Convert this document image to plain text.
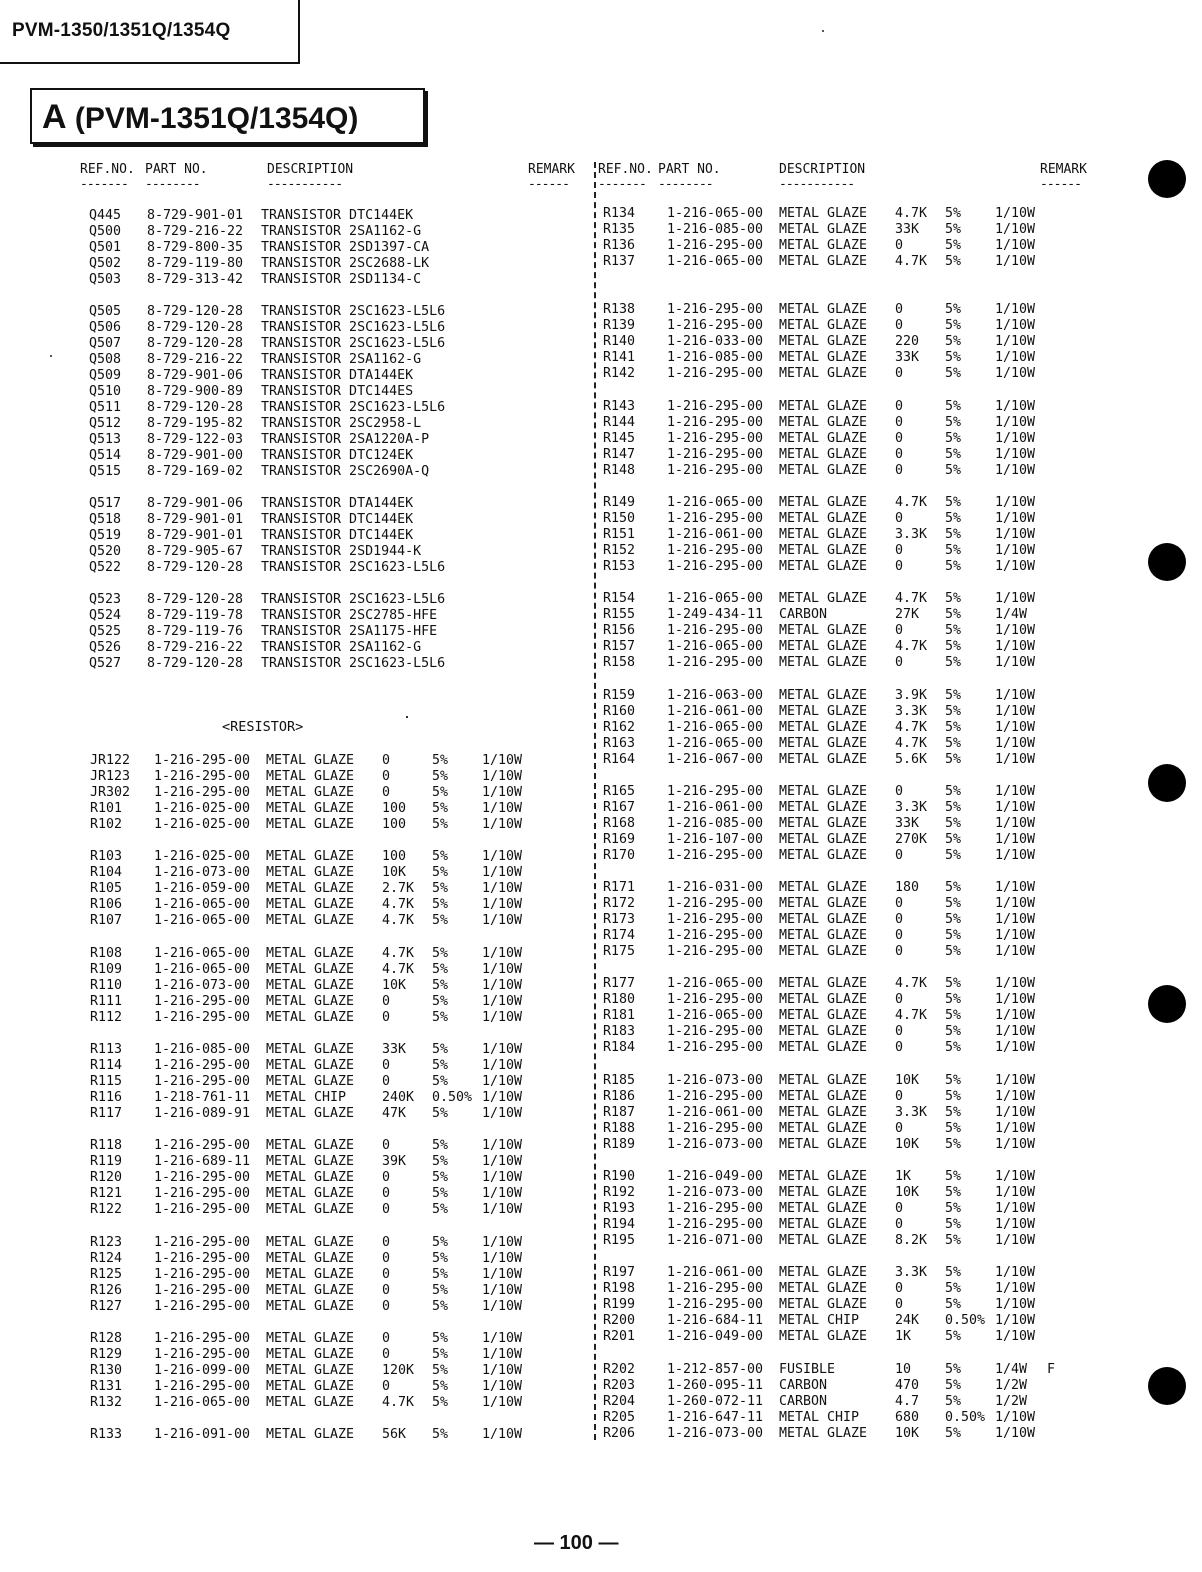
PVM-1350/1351Q/1354Q
A (PVM-1351Q/1354Q)
REF.NO. PART NO.	DESCRIPTION	REMARK
------- --------	-----------	------
REF.NO. PART NO.	DESCRIPTION	REMARK
------- --------	-----------	------
<RESISTOR>
Q445 8-729-901-01 TRANSISTOR DTC144EK
Q500 8-729-216-22 TRANSISTOR 2SA1162-G
Q501 8-729-800-35 TRANSISTOR 2SD1397-CA
Q502 8-729-119-80 TRANSISTOR 2SC2688-LK
Q503 8-729-313-42 TRANSISTOR 2SD1134-C
Q505 8-729-120-28 TRANSISTOR 2SC1623-L5L6
Q506 8-729-120-28 TRANSISTOR 2SC1623-L5L6
Q507 8-729-120-28 TRANSISTOR 2SC1623-L5L6
Q508 8-729-216-22 TRANSISTOR 2SA1162-G
Q509 8-729-901-06 TRANSISTOR DTA144EK
Q510 8-729-900-89 TRANSISTOR DTC144ES
Q511 8-729-120-28 TRANSISTOR 2SC1623-L5L6
Q512 8-729-195-82 TRANSISTOR 2SC2958-L
Q513 8-729-122-03 TRANSISTOR 2SA1220A-P
Q514 8-729-901-00 TRANSISTOR DTC124EK
Q515 8-729-169-02 TRANSISTOR 2SC2690A-Q
Q517 8-729-901-06 TRANSISTOR DTA144EK
Q518 8-729-901-01 TRANSISTOR DTC144EK
Q519 8-729-901-01 TRANSISTOR DTC144EK
Q520 8-729-905-67 TRANSISTOR 2SD1944-K
Q522 8-729-120-28 TRANSISTOR 2SC1623-L5L6
Q523 8-729-120-28 TRANSISTOR 2SC1623-L5L6
Q524 8-729-119-78 TRANSISTOR 2SC2785-HFE
Q525 8-729-119-76 TRANSISTOR 2SA1175-HFE
Q526 8-729-216-22 TRANSISTOR 2SA1162-G
Q527 8-729-120-28 TRANSISTOR 2SC1623-L5L6
JR122 1-216-295-00 METAL GLAZE 0	5%	1/10W
JR123 1-216-295-00 METAL GLAZE 0	5%	1/10W
JR302 1-216-295-00 METAL GLAZE 0	5%	1/10W
R101 1-216-025-00 METAL GLAZE 100 5%	1/10W
R102 1-216-025-00 METAL GLAZE 100 5%	1/10W
R103 1-216-025-00 METAL GLAZE 100 5%	1/10W
R104 1-216-073-00 METAL GLAZE 10K 5%	1/10W
R105 1-216-059-00 METAL GLAZE 2.7K 5%	1/10W
R106 1-216-065-00 METAL GLAZE 4.7K 5%	1/10W
R107 1-216-065-00 METAL GLAZE 4.7K 5%	1/10W
R108 1-216-065-00 METAL GLAZE 4.7K 5%	1/10W
R109 1-216-065-00 METAL GLAZE 4.7K 5%	1/10W
R110 1-216-073-00 METAL GLAZE 10K 5%	1/10W
R111 1-216-295-00 METAL GLAZE 0	5%	1/10W
R112 1-216-295-00 METAL GLAZE 0	5%	1/10W
R113 1-216-085-00 METAL GLAZE 33K 5%	1/10W
R114 1-216-295-00 METAL GLAZE 0	5%	1/10W
R115 1-216-295-00 METAL GLAZE 0	5%	1/10W
R116 1-218-761-11 METAL CHIP	240K 0.50% 1/10W
R117 1-216-089-91 METAL GLAZE 47K 5%	1/10W
R118 1-216-295-00 METAL GLAZE 0	5%	1/10W
R119 1-216-689-11 METAL GLAZE 39K 5%	1/10W
R120 1-216-295-00 METAL GLAZE 0	5%	1/10W
R121 1-216-295-00 METAL GLAZE 0	5%	1/10W
R122 1-216-295-00 METAL GLAZE 0	5%	1/10W
R123 1-216-295-00 METAL GLAZE 0	5%	1/10W
R124 1-216-295-00 METAL GLAZE 0	5%	1/10W
R125 1-216-295-00 METAL GLAZE 0	5%	1/10W
R126 1-216-295-00 METAL GLAZE 0	5%	1/10W
R127 1-216-295-00 METAL GLAZE 0	5%	1/10W
R128 1-216-295-00 METAL GLAZE 0	5%	1/10W
R129 1-216-295-00 METAL GLAZE 0	5%	1/10W
R130 1-216-099-00 METAL GLAZE 120K 5%	1/10W
R131 1-216-295-00 METAL GLAZE 0	5%	1/10W
R132 1-216-065-00 METAL GLAZE 4.7K 5%	1/10W
R133 1-216-091-00 METAL GLAZE 56K 5%	1/10W
R134 1-216-065-00 METAL GLAZE 4.7K 5%	1/10W
R135 1-216-085-00 METAL GLAZE 33K 5%	1/10W
R136 1-216-295-00 METAL GLAZE 0	5%	1/10W
R137 1-216-065-00 METAL GLAZE 4.7K 5%	1/10W
R138 1-216-295-00 METAL GLAZE 0	5%	1/10W
R139 1-216-295-00 METAL GLAZE 0	5%	1/10W
R140 1-216-033-00 METAL GLAZE 220 5%	1/10W
R141 1-216-085-00 METAL GLAZE 33K 5%	1/10W
R142 1-216-295-00 METAL GLAZE 0	5%	1/10W
R143 1-216-295-00 METAL GLAZE 0	5%	1/10W
R144 1-216-295-00 METAL GLAZE 0	5%	1/10W
R145 1-216-295-00 METAL GLAZE 0	5%	1/10W
R147 1-216-295-00 METAL GLAZE 0	5%	1/10W
R148 1-216-295-00 METAL GLAZE 0	5%	1/10W
R149 1-216-065-00 METAL GLAZE 4.7K 5%	1/10W
R150 1-216-295-00 METAL GLAZE 0	5%	1/10W
R151 1-216-061-00 METAL GLAZE 3.3K 5%	1/10W
R152 1-216-295-00 METAL GLAZE 0	5%	1/10W
R153 1-216-295-00 METAL GLAZE 0	5%	1/10W
R154 1-216-065-00 METAL GLAZE 4.7K 5%	1/10W
R155 1-249-434-11 CARBON	27K 5%	1/4W
R156 1-216-295-00 METAL GLAZE 0	5%	1/10W
R157 1-216-065-00 METAL GLAZE 4.7K 5%	1/10W
R158 1-216-295-00 METAL GLAZE 0	5%	1/10W
R159 1-216-063-00 METAL GLAZE 3.9K 5%	1/10W
R160 1-216-061-00 METAL GLAZE 3.3K 5%	1/10W
R162 1-216-065-00 METAL GLAZE 4.7K 5%	1/10W
R163 1-216-065-00 METAL GLAZE 4.7K 5%	1/10W
R164 1-216-067-00 METAL GLAZE 5.6K 5%	1/10W
R165 1-216-295-00 METAL GLAZE 0	5%	1/10W
R167 1-216-061-00 METAL GLAZE 3.3K 5%	1/10W
R168 1-216-085-00 METAL GLAZE 33K 5%	1/10W
R169 1-216-107-00 METAL GLAZE 270K 5%	1/10W
R170 1-216-295-00 METAL GLAZE 0	5%	1/10W
R171 1-216-031-00 METAL GLAZE 180 5%	1/10W
R172 1-216-295-00 METAL GLAZE 0	5%	1/10W
R173 1-216-295-00 METAL GLAZE 0	5%	1/10W
R174 1-216-295-00 METAL GLAZE 0	5%	1/10W
R175 1-216-295-00 METAL GLAZE 0	5%	1/10W
R177 1-216-065-00 METAL GLAZE 4.7K 5%	1/10W
R180 1-216-295-00 METAL GLAZE 0	5%	1/10W
R181 1-216-065-00 METAL GLAZE 4.7K 5%	1/10W
R183 1-216-295-00 METAL GLAZE 0	5%	1/10W
R184 1-216-295-00 METAL GLAZE 0	5%	1/10W
R185 1-216-073-00 METAL GLAZE 10K 5%	1/10W
R186 1-216-295-00 METAL GLAZE 0	5%	1/10W
R187 1-216-061-00 METAL GLAZE 3.3K 5%	1/10W
R188 1-216-295-00 METAL GLAZE 0	5%	1/10W
R189 1-216-073-00 METAL GLAZE 10K 5%	1/10W
R190 1-216-049-00 METAL GLAZE 1K	5%	1/10W
R192 1-216-073-00 METAL GLAZE 10K 5%	1/10W
R193 1-216-295-00 METAL GLAZE 0	5%	1/10W
R194 1-216-295-00 METAL GLAZE 0	5%	1/10W
R195 1-216-071-00 METAL GLAZE 8.2K 5%	1/10W
R197 1-216-061-00 METAL GLAZE 3.3K 5%	1/10W
R198 1-216-295-00 METAL GLAZE 0	5%	1/10W
R199 1-216-295-00 METAL GLAZE 0	5%	1/10W
R200 1-216-684-11 METAL CHIP	24K 0.50% 1/10W
R201 1-216-049-00 METAL GLAZE 1K	5%	1/10W
R202 1-212-857-00 FUSIBLE	10	5%	1/4W F
R203 1-260-095-11 CARBON	470 5%	1/2W
R204 1-260-072-11 CARBON	4.7 5%	1/2W
R205 1-216-647-11 METAL CHIP	680 0.50% 1/10W
R206 1-216-073-00 METAL GLAZE 10K 5%	1/10W
— 100 —
